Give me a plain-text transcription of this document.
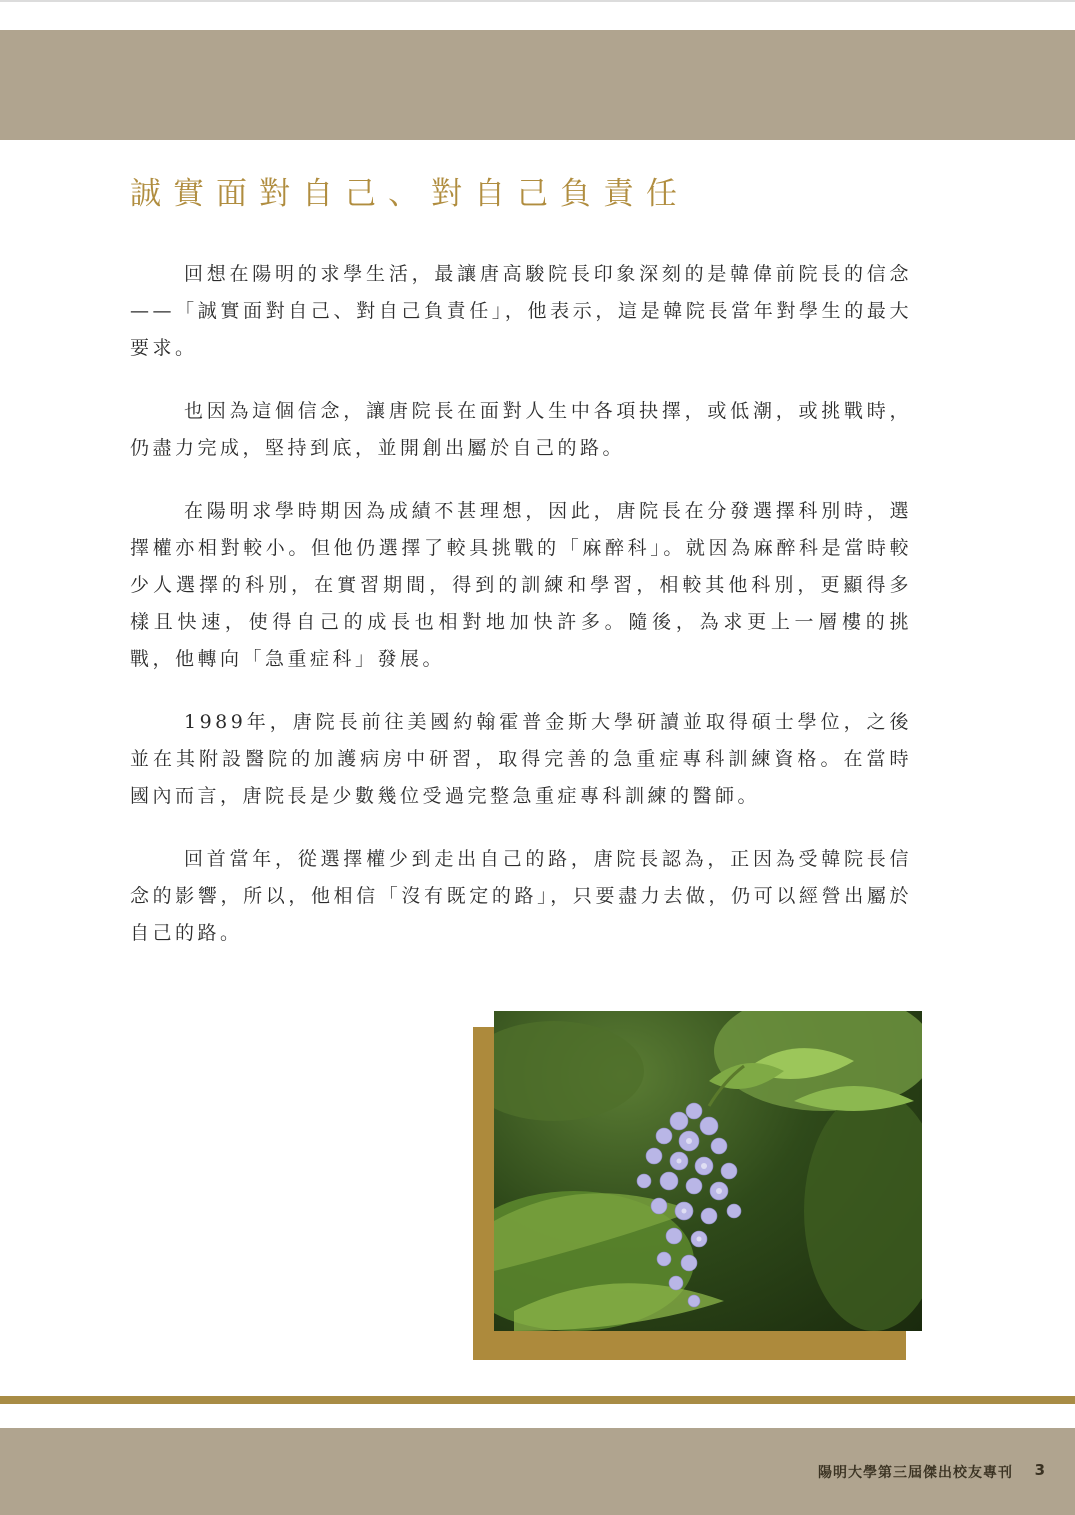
誠實面對自己、對自己負責任

回想在陽明的求學生活，最讓唐高駿院長印象深刻的是韓偉前院長的信念——「誠實面對自己、對自己負責任」，他表示，這是韓院長當年對學生的最大要求。

也因為這個信念，讓唐院長在面對人生中各項抉擇，或低潮，或挑戰時，仍盡力完成，堅持到底，並開創出屬於自己的路。

在陽明求學時期因為成績不甚理想，因此，唐院長在分發選擇科別時，選擇權亦相對較小。但他仍選擇了較具挑戰的「麻醉科」。就因為麻醉科是當時較少人選擇的科別，在實習期間，得到的訓練和學習，相較其他科別，更顯得多樣且快速，使得自己的成長也相對地加快許多。隨後，為求更上一層樓的挑戰，他轉向「急重症科」發展。

1989年，唐院長前往美國約翰霍普金斯大學研讀並取得碩士學位，之後並在其附設醫院的加護病房中研習，取得完善的急重症專科訓練資格。在當時國內而言，唐院長是少數幾位受過完整急重症專科訓練的醫師。

回首當年，從選擇權少到走出自己的路，唐院長認為，正因為受韓院長信念的影響，所以，他相信「沒有既定的路」，只要盡力去做，仍可以經營出屬於自己的路。

陽明大學第三屆傑出校友專刊 3
